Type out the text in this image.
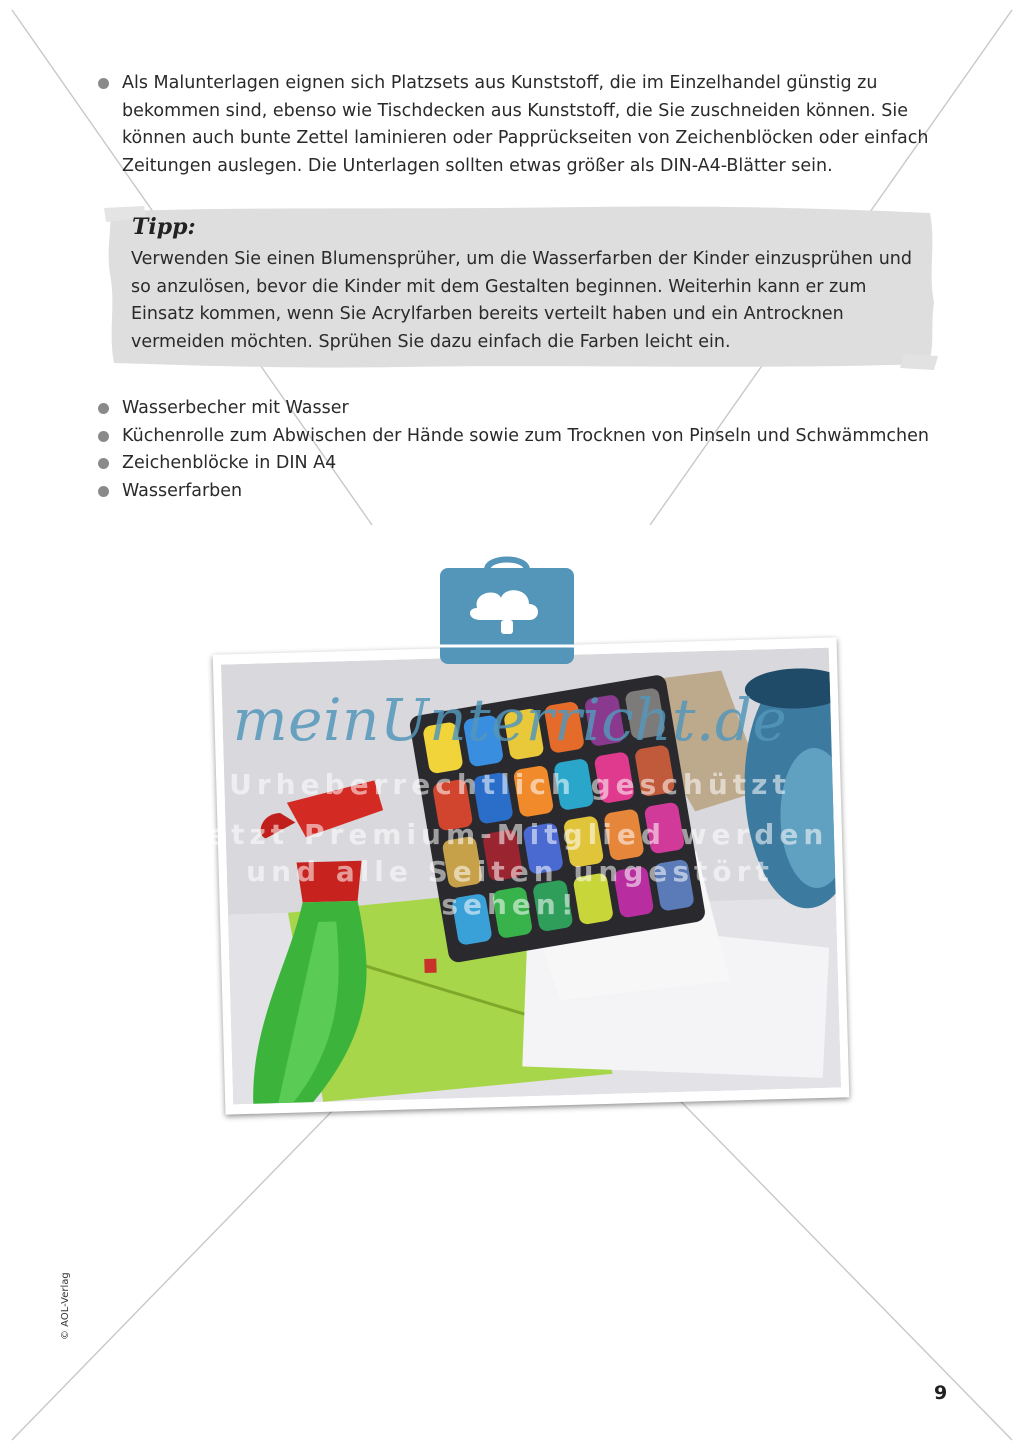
Als Malunterlagen eignen sich Platzsets aus Kunststoff, die im Einzelhandel günstig zu bekommen sind, ebenso wie Tischdecken aus Kunststoff, die Sie zuschneiden können. Sie können auch bunte Zettel laminieren oder Papprückseiten von Zeichenblöcken oder einfach Zeitungen auslegen. Die Unterlagen sollten etwas größer als DIN-A4-Blätter sein.
Tipp:
Verwenden Sie einen Blumensprüher, um die Wasserfarben der Kinder einzusprühen und so anzulösen, bevor die Kinder mit dem Gestalten beginnen. Weiterhin kann er zum Einsatz kommen, wenn Sie Acrylfarben bereits verteilt haben und ein Antrocknen vermeiden möchten. Sprühen Sie dazu einfach die Farben leicht ein.
Wasserbecher mit Wasser
Küchenrolle zum Abwischen der Hände sowie zum Trocknen von Pinseln und Schwämmchen
Zeichenblöcke in DIN A4
Wasserfarben
meinUnterricht.de
Urheberrechtlich geschützt
Jetzt Premium-Mitglied werden
und alle Seiten ungestört sehen!
© AOL-Verlag
9
